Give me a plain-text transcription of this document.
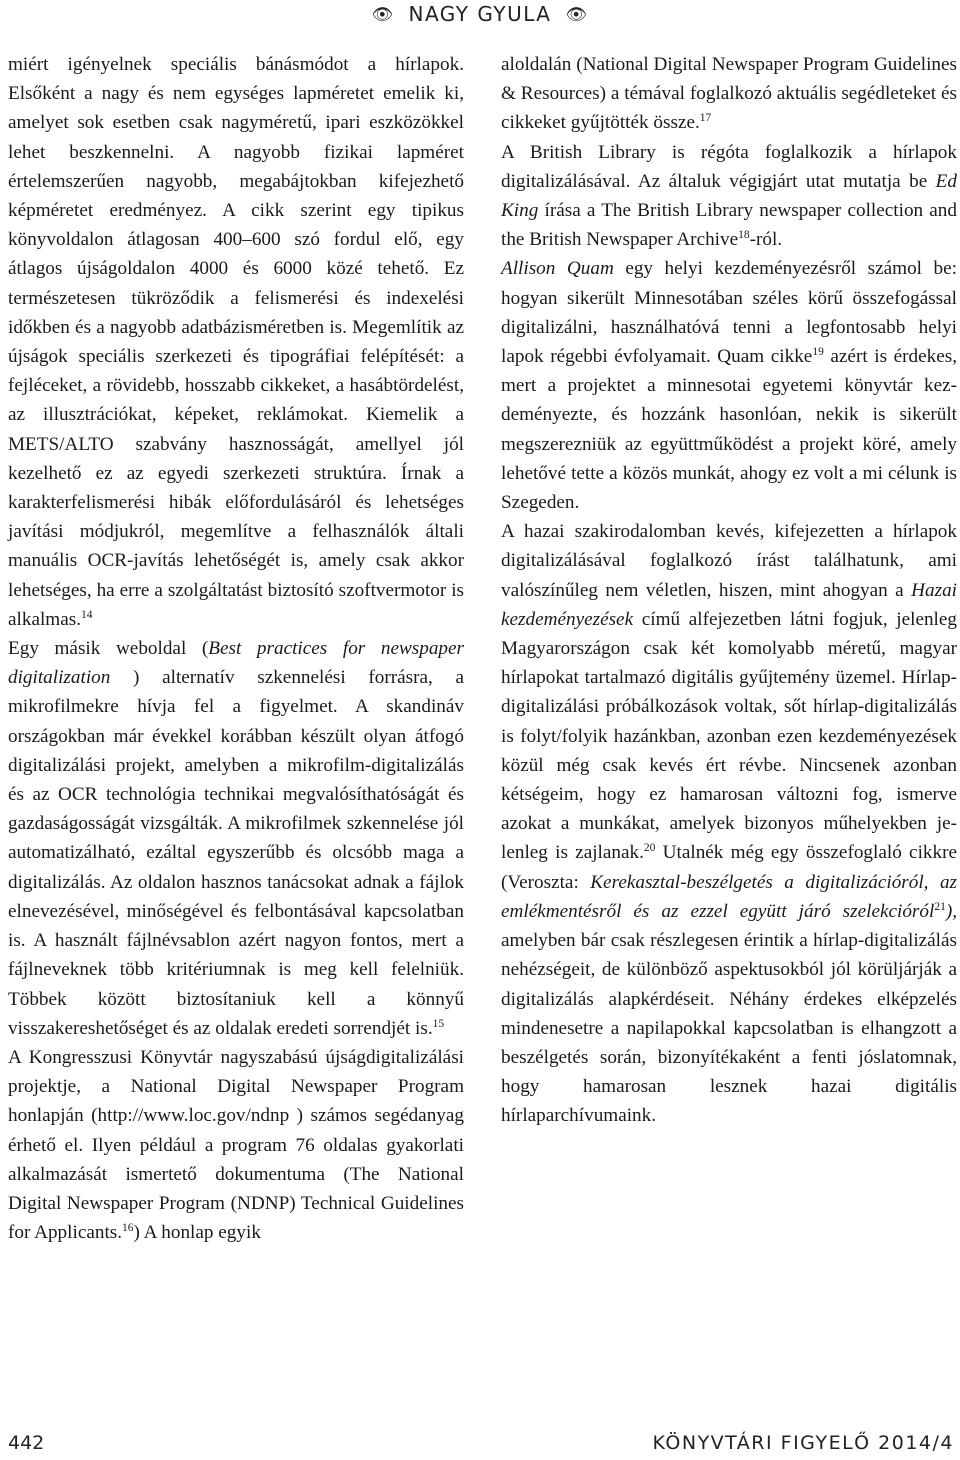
👁 NAGY GYULA 👁

miért igényelnek speciális bánásmódot a hírlapok. Elsőként a nagy és nem egységes lapméretet emelik ki, amelyet sok esetben csak nagyméretű, ipari eszközökkel lehet beszkennelni. A nagyobb fizikai lapméret értelemszerűen nagyobb, megabájtokban kifejezhető képméretet eredményez. A cikk szerint egy tipikus könyvoldalon átlagosan 400–600 szó fordul elő, egy átlagos újságoldalon 4000 és 6000 közé tehető. Ez természetesen tükröződik a felismerési és indexelési időkben és a nagyobb adatbázisméretben is. Megemlítik az újságok speciális szerkezeti és tipográfiai felépítését: a fejléceket, a rövidebb, hosszabb cikkeket, a hasábtördelést, az illusztrációkat, képeket, reklámokat. Kiemelik a METS/ALTO szabvány hasznosságát, amellyel jól kezelhető ez az egyedi szerkezeti struktúra. Írnak a karakterfelismerési hibák előfordulásáról és lehetséges javítási módjukról, megemlítve a felhasználók általi manuális OCR-javítás lehetőségét is, amely csak akkor lehetséges, ha erre a szolgáltatást biztosító szoftvermotor is alkalmas.$^{14}$

Egy másik weboldal (Best practices for newspaper digitalization ) alternatív szkennelési forrásra, a mikrofilmekre hívja fel a figyelmet. A skandináv országokban már évekkel korábban készült olyan átfogó digitalizálási projekt, amelyben a mikrofilm-digitalizálás és az OCR technológia technikai megvalósíthatóságát és gazdaságosságát vizsgálták. A mikrofilmek szkennelése jól automatizálható, ezáltal egyszerűbb és olcsóbb maga a digitalizálás. Az oldalon hasznos tanácsokat adnak a fájlok elnevezésével, minőségével és felbontásával kapcsolatban is. A használt fájlnévsablon azért nagyon fontos, mert a fájlneveknek több kritériumnak is meg kell felelniük. Többek között biztosítaniuk kell a könnyű visszakereshetőséget és az oldalak eredeti sorrendjét is.$^{15}$

A Kongresszusi Könyvtár nagyszabású újságdigitalizálási projektje, a National Digital Newspaper Program honlapján (http://www.loc.​gov/ndnp ) számos segédanyag érhető el. Ilyen például a program 76 oldalas gyakorlati alkalmazását ismertető dokumentuma (The National Digital Newspaper Program (NDNP) Technical Guidelines for Applicants.$^{16}$) A honlap egyik

aloldalán (National Digital Newspaper Program Guidelines & Resources) a témával foglalkozó aktuális segédleteket és cikkeket gyűjtötték össze.$^{17}$

A British Library is régóta foglalkozik a hírlapok digitalizálásával. Az általuk végigjárt utat mutatja be Ed King írása a The British Library newspaper collection and the British Newspaper Archive$^{18}$-ról.

Allison Quam egy helyi kezdeményezésről számol be: hogyan sikerült Minnesotában széles körű összefogással digitalizálni, használhatóvá tenni a legfontosabb helyi lapok régebbi évfolyamait. Quam cikke$^{19}$ azért is érdekes, mert a projektet a minnesotai egyetemi könyvtár kezdeményezte, és hozzánk hasonlóan, nekik is sikerült megszerezniük az együttműködést a projekt köré, amely lehetővé tette a közös munkát, ahogy ez volt a mi célunk is Szegeden.

A hazai szakirodalomban kevés, kifejezetten a hírlapok digitalizálásával foglalkozó írást találhatunk, ami valószínűleg nem véletlen, hiszen, mint ahogyan a Hazai kezdeményezések című alfejezetben látni fogjuk, jelenleg Magyarországon csak két komolyabb méretű, magyar hírlapokat tartalmazó digitális gyűjtemény üzemel. Hírlap-digitalizálási próbálkozások voltak, sőt hírlap-digitalizálás is folyt/folyik hazánkban, azonban ezen kezdeményezések közül még csak kevés ért révbe. Nincsenek azonban kétségeim, hogy ez hamarosan változni fog, ismerve azokat a munkákat, amelyek bizonyos műhelyekben jelenleg is zajlanak.$^{20}$ Utalnék még egy összefoglaló cikkre (Veroszta: Kerekasztal-beszélgetés a digitalizációról, az emlékmentésről és az ezzel együtt járó szelekcióról$^{21}$), amelyben bár csak részlegesen érintik a hírlap-digitalizálás nehézségeit, de különböző aspektusokból jól körüljárják a digitalizálás alapkérdéseit. Néhány érdekes elképzelés mindenesetre a napilapokkal kapcsolatban is elhangzott a beszélgetés során, bizonyítékaként a fenti jóslatomnak, hogy hamarosan lesznek hazai digitális hírlaparchívumaink.

442	KÖNYVTÁRI FIGYELŐ 2014/4
